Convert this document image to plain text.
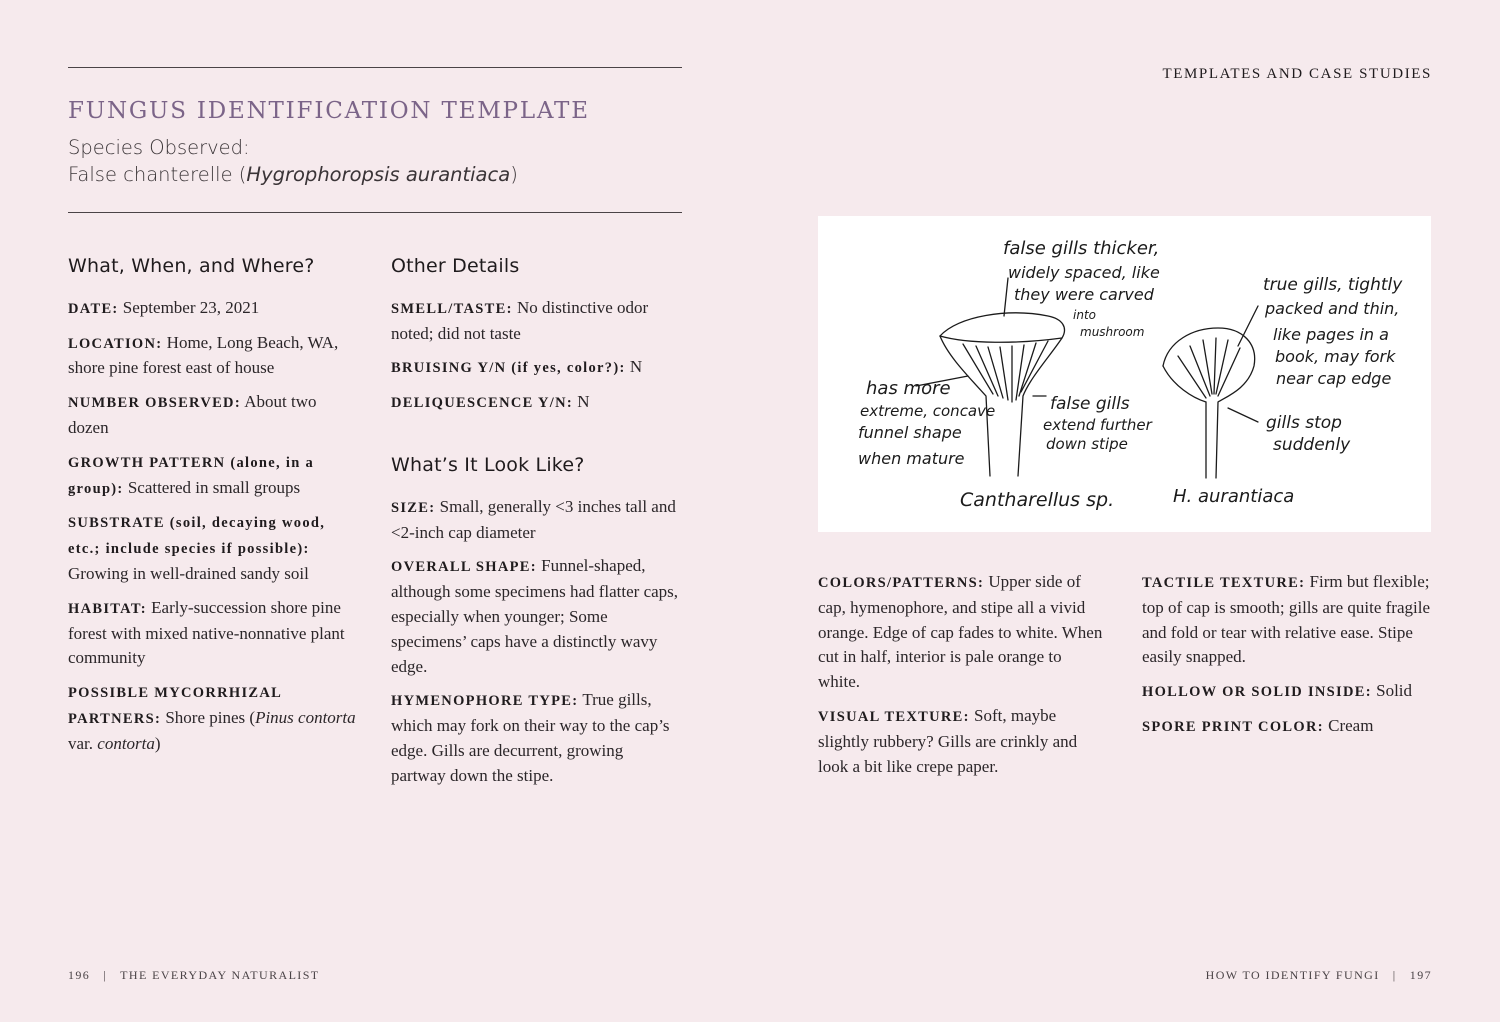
TEMPLATES AND CASE STUDIES
FUNGUS IDENTIFICATION TEMPLATE
Species Observed:
False chanterelle (Hygrophoropsis aurantiaca)
What, When, and Where?
DATE: September 23, 2021
LOCATION: Home, Long Beach, WA, shore pine forest east of house
NUMBER OBSERVED: About two dozen
GROWTH PATTERN (alone, in a group): Scattered in small groups
SUBSTRATE (soil, decaying wood, etc.; include species if possible): Growing in well-drained sandy soil
HABITAT: Early-succession shore pine forest with mixed native-nonnative plant community
POSSIBLE MYCORRHIZAL PARTNERS: Shore pines (Pinus contorta var. contorta)
Other Details
SMELL/TASTE: No distinctive odor noted; did not taste
BRUISING Y/N (if yes, color?): N
DELIQUESCENCE Y/N: N
What’s It Look Like?
SIZE: Small, generally <3 inches tall and <2-inch cap diameter
OVERALL SHAPE: Funnel-shaped, although some specimens had flatter caps, especially when younger; Some specimens’ caps have a distinctly wavy edge.
HYMENOPHORE TYPE: True gills, which may fork on their way to the cap’s edge. Gills are decurrent, growing partway down the stipe.
false gills thicker,
widely spaced, like
they were carved
into
mushroom
has more
extreme, concave
funnel shape
when mature
false gills
extend further
down stipe
true gills, tightly
packed and thin,
like pages in a
book, may fork
near cap edge
gills stop
suddenly
Cantharellus sp.	H. aurantiaca
COLORS/PATTERNS: Upper side of cap, hymenophore, and stipe all a vivid orange. Edge of cap fades to white. When cut in half, interior is pale orange to white.
VISUAL TEXTURE: Soft, maybe slightly rubbery? Gills are crinkly and look a bit like crepe paper.
TACTILE TEXTURE: Firm but flexible; top of cap is smooth; gills are quite fragile and fold or tear with relative ease. Stipe easily snapped.
HOLLOW OR SOLID INSIDE: Solid
SPORE PRINT COLOR: Cream
196   |   THE EVERYDAY NATURALIST	HOW TO IDENTIFY FUNGI   |   197
